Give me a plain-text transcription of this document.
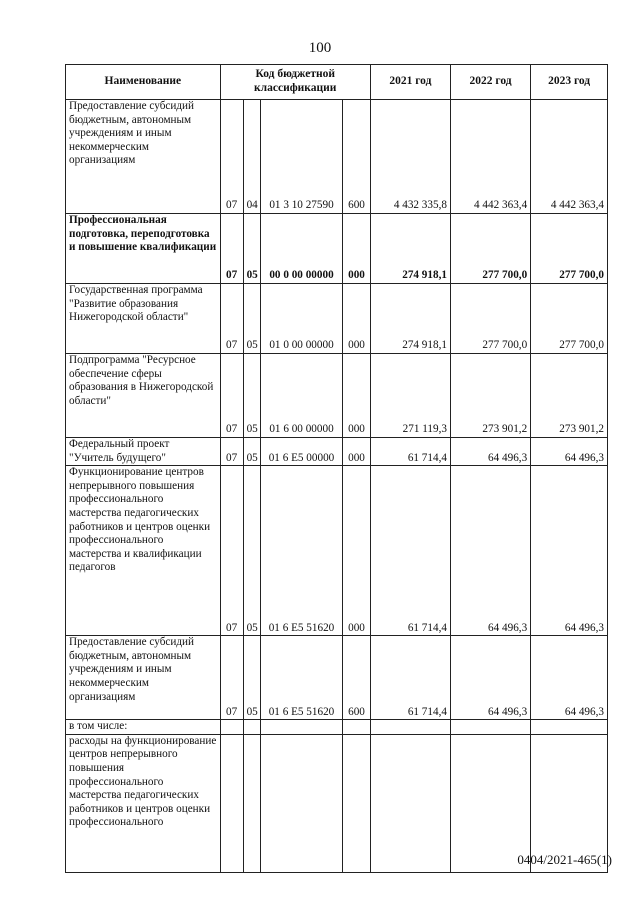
100
Наименование	Код бюджетной классификации				2021 год	2022 год	2023 год
Предоставление субсидий бюджетным, автономным учреждениям и иным некоммерческим организациям	07	04	01 3 10 27590	600	4 432 335,8	4 442 363,4	4 442 363,4
Профессиональная подготовка, переподготовка и повышение квалификации	07	05	00 0 00 00000	000	274 918,1	277 700,0	277 700,0
Государственная программа "Развитие образования Нижегородской области"	07	05	01 0 00 00000	000	274 918,1	277 700,0	277 700,0
Подпрограмма "Ресурсное обеспечение сферы образования в Нижегородской области"	07	05	01 6 00 00000	000	271 119,3	273 901,2	273 901,2
Федеральный проект "Учитель будущего"	07	05	01 6 E5 00000	000	61 714,4	64 496,3	64 496,3
Функционирование центров непрерывного повышения профессионального мастерства педагогических работников и центров оценки профессионального мастерства и квалификации педагогов	07	05	01 6 E5 51620	000	61 714,4	64 496,3	64 496,3
Предоставление субсидий бюджетным, автономным учреждениям и иным некоммерческим организациям	07	05	01 6 E5 51620	600	61 714,4	64 496,3	64 496,3
в том числе:							
расходы на функционирование центров непрерывного повышения профессионального мастерства педагогических работников и центров оценки профессионального							
0404/2021-465(1)
